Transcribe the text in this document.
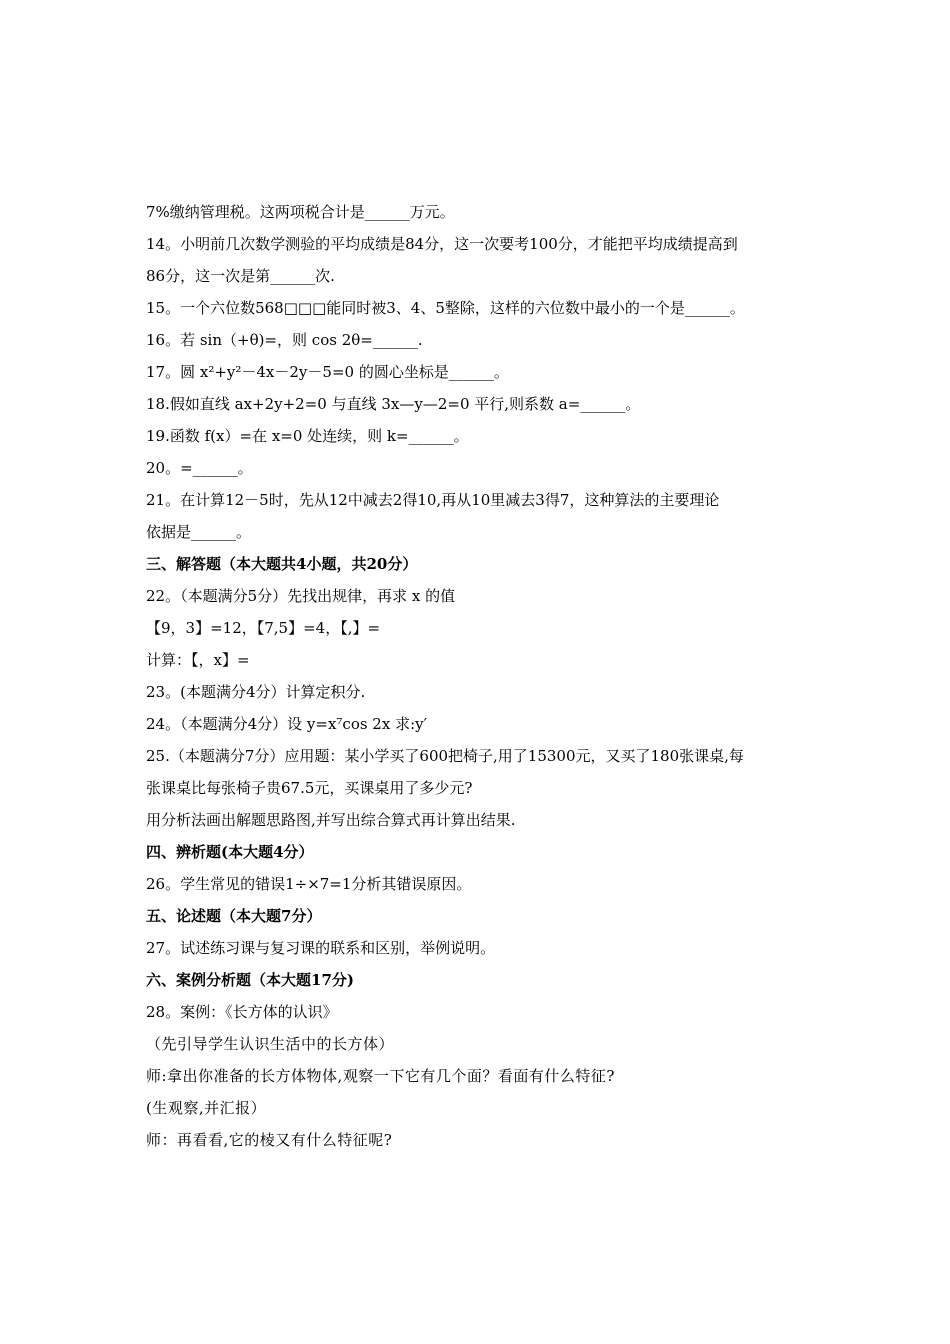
7%缴纳管理税。这两项税合计是______万元。
14。小明前几次数学测验的平均成绩是84分，这一次要考100分，才能把平均成绩提高到
86分，这一次是第______次.
15。一个六位数568□□□能同时被3、4、5整除，这样的六位数中最小的一个是______。
16。若 sin（+θ)=，则 cos 2θ=______.
17。圆 x²+y²－4x－2y－5=0 的圆心坐标是______。
18.假如直线 ax+2y+2=0 与直线 3x—y—2=0 平行,则系数 a=______。
19.函数 f(x）=在 x=0 处连续，则 k=______。
20。=______。
21。在计算12－5时，先从12中减去2得10,再从10里减去3得7，这种算法的主要理论
依据是______。
三、解答题（本大题共4小题，共20分）
22。（本题满分5分）先找出规律，再求 x 的值
【9，3】=12，【7,5】=4，【,】=
计算：【，x】=
23。(本题满分4分）计算定积分.
24。（本题满分4分）设 y=x⁷cos 2x 求:y′
25.（本题满分7分）应用题：某小学买了600把椅子,用了15300元，又买了180张课桌,每
张课桌比每张椅子贵67.5元，买课桌用了多少元?
用分析法画出解题思路图,并写出综合算式再计算出结果.
四、辨析题(本大题4分）
26。学生常见的错误1÷×7=1分析其错误原因。
五、论述题（本大题7分）
27。试述练习课与复习课的联系和区别，举例说明。
六、案例分析题（本大题17分)
28。案例：《长方体的认识》
（先引导学生认识生活中的长方体）
师:拿出你准备的长方体物体,观察一下它有几个面？看面有什么特征?
(生观察,并汇报）
师：再看看,它的棱又有什么特征呢?
